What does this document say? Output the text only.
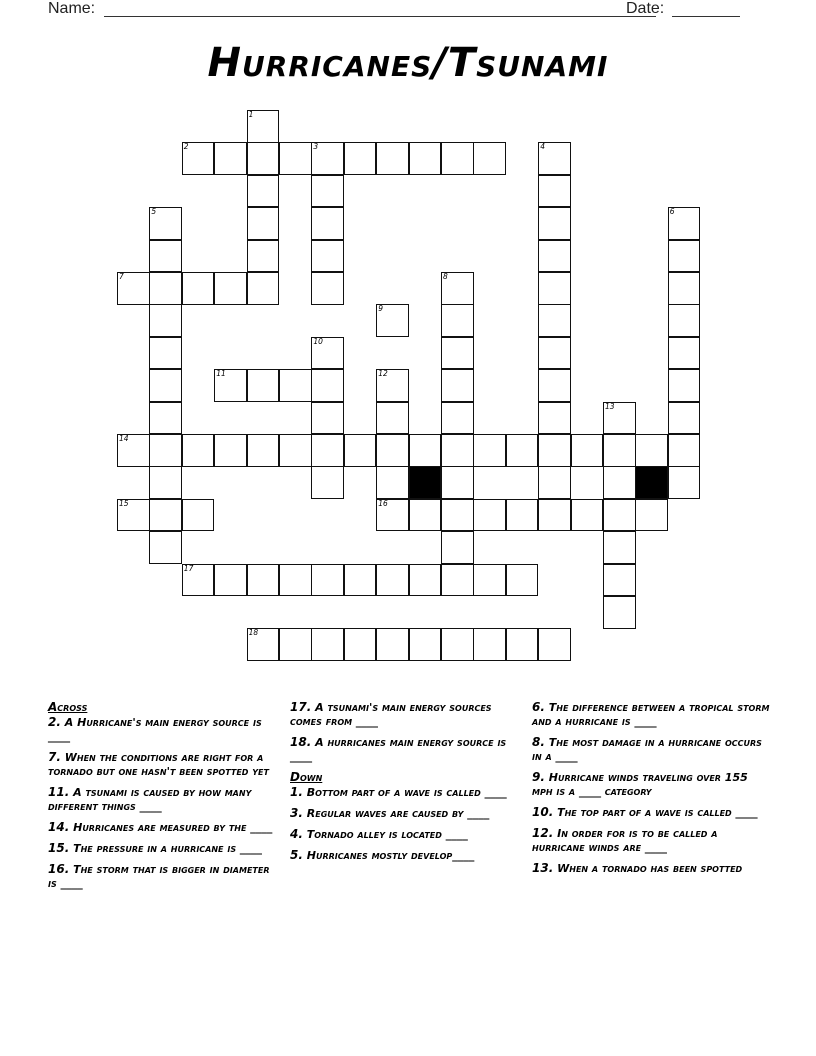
Name:	Date:
Hurricanes/Tsunami
1
2	3	4
5	6
7	8
9
10
11	12
13
14
15	16
17
18
Across
2. A Hurricane's main energy source is ____
7. When the conditions are right for a tornado but one hasn't been spotted yet
11. A tsunami is caused by how many different things ____
14. Hurricanes are measured by the ____
15. The pressure in a hurricane is ____
16. The storm that is bigger in diameter is ____
17. A tsunami's main energy sources comes from ____
18. A hurricanes main energy source is ____
Down
1. Bottom part of a wave is called ____
3. Regular waves are caused by ____
4. Tornado alley is located ____
5. Hurricanes mostly develop____
6. The difference between a tropical storm and a hurricane is ____
8. The most damage in a hurricane occurs in a ____
9. Hurricane winds traveling over 155 mph is a ____ category
10. The top part of a wave is called ____
12. In order for is to be called a hurricane winds are ____
13. When a tornado has been spotted
